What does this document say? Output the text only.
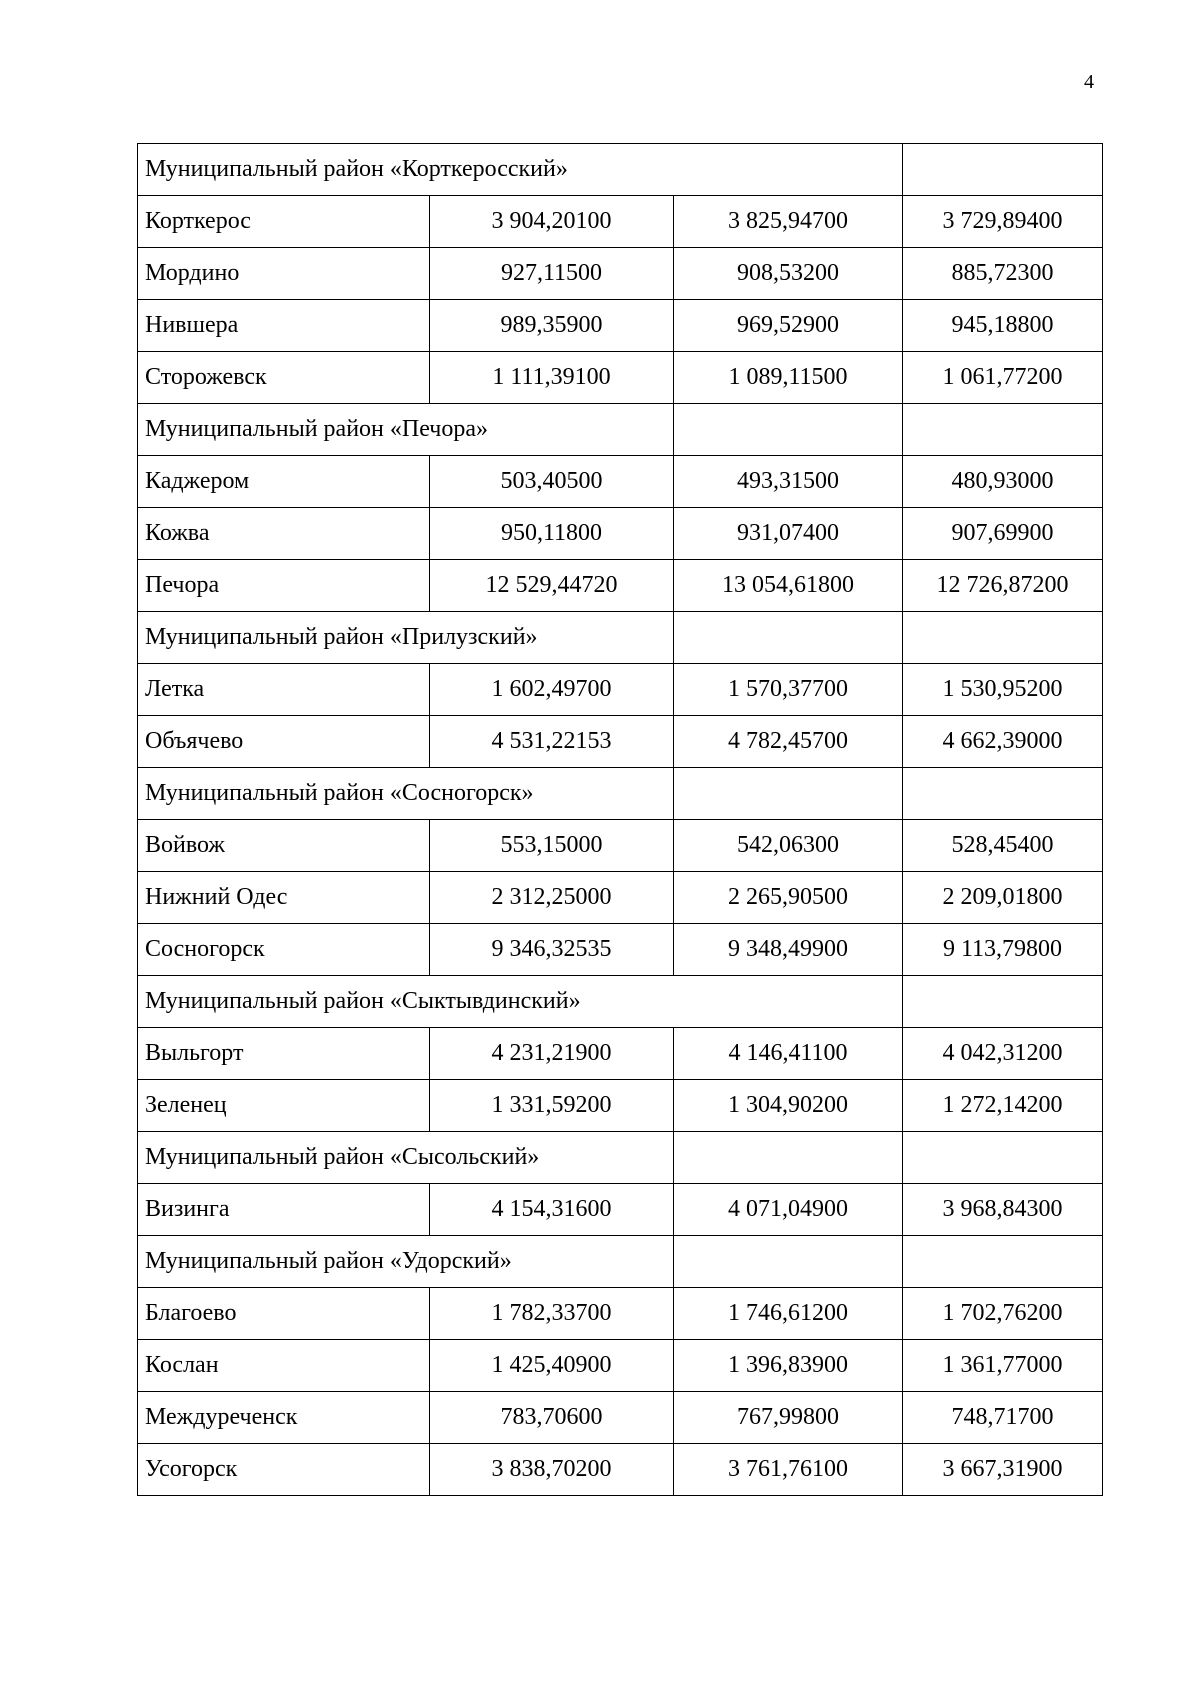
4
Муниципальный район «Корткеросский»			
Корткерос	3 904,20100	3 825,94700	3 729,89400
Мордино	927,11500	908,53200	885,72300
Нившера	989,35900	969,52900	945,18800
Сторожевск	1 111,39100	1 089,11500	1 061,77200
Муниципальный район «Печора»			
Каджером	503,40500	493,31500	480,93000
Кожва	950,11800	931,07400	907,69900
Печора	12 529,44720	13 054,61800	12 726,87200
Муниципальный район «Прилузский»			
Летка	1 602,49700	1 570,37700	1 530,95200
Объячево	4 531,22153	4 782,45700	4 662,39000
Муниципальный район «Сосногорск»			
Войвож	553,15000	542,06300	528,45400
Нижний Одес	2 312,25000	2 265,90500	2 209,01800
Сосногорск	9 346,32535	9 348,49900	9 113,79800
Муниципальный район «Сыктывдинский»			
Выльгорт	4 231,21900	4 146,41100	4 042,31200
Зеленец	1 331,59200	1 304,90200	1 272,14200
Муниципальный район «Сысольский»			
Визинга	4 154,31600	4 071,04900	3 968,84300
Муниципальный район «Удорский»			
Благоево	1 782,33700	1 746,61200	1 702,76200
Кослан	1 425,40900	1 396,83900	1 361,77000
Междуреченск	783,70600	767,99800	748,71700
Усогорск	3 838,70200	3 761,76100	3 667,31900
